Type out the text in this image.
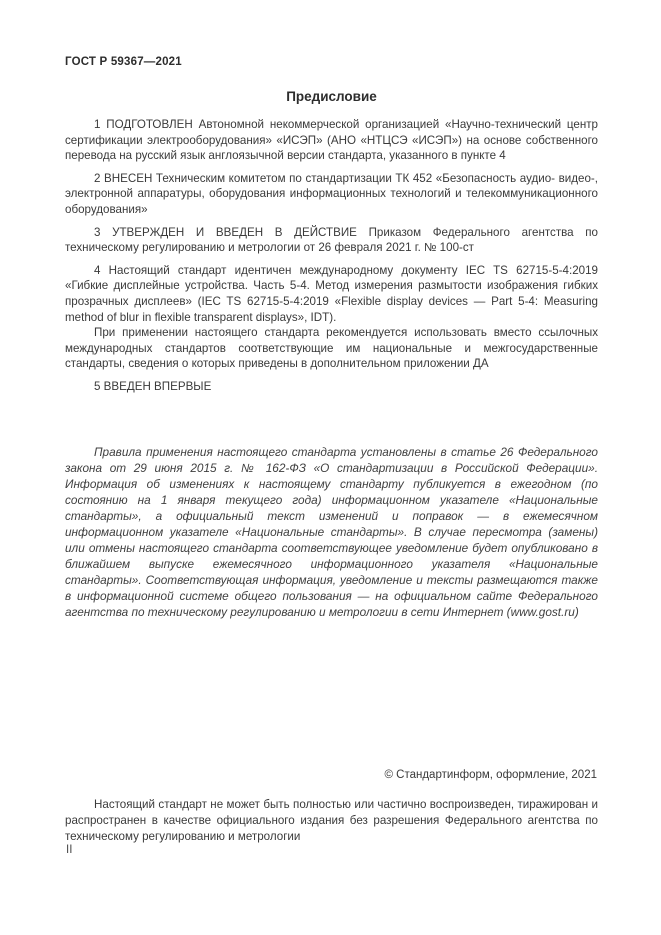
ГОСТ Р 59367—2021
Предисловие

1 ПОДГОТОВЛЕН Автономной некоммерческой организацией «Научно-технический центр сертификации электрооборудования» «ИСЭП» (АНО «НТЦСЭ «ИСЭП») на основе собственного перевода на русский язык англоязычной версии стандарта, указанного в пункте 4

2 ВНЕСЕН Техническим комитетом по стандартизации ТК 452 «Безопасность аудио- видео-, электронной аппаратуры, оборудования информационных технологий и телекоммуникационного оборудования»

3 УТВЕРЖДЕН И ВВЕДЕН В ДЕЙСТВИЕ Приказом Федерального агентства по техническому регулированию и метрологии от 26 февраля 2021 г. № 100-ст

4 Настоящий стандарт идентичен международному документу IEC TS 62715-5-4:2019 «Гибкие дисплейные устройства. Часть 5-4. Метод измерения размытости изображения гибких прозрачных дисплеев» (IEC TS 62715-5-4:2019 «Flexible display devices — Part 5-4: Measuring method of blur in flexible transparent displays», IDT).

При применении настоящего стандарта рекомендуется использовать вместо ссылочных международных стандартов соответствующие им национальные и межгосударственные стандарты, сведения о которых приведены в дополнительном приложении ДА

5 ВВЕДЕН ВПЕРВЫЕ

Правила применения настоящего стандарта установлены в статье 26 Федерального закона от 29 июня 2015 г. № 162-ФЗ «О стандартизации в Российской Федерации». Информация об изменениях к настоящему стандарту публикуется в ежегодном (по состоянию на 1 января текущего года) информационном указателе «Национальные стандарты», а официальный текст изменений и поправок — в ежемесячном информационном указателе «Национальные стандарты». В случае пересмотра (замены) или отмены настоящего стандарта соответствующее уведомление будет опубликовано в ближайшем выпуске ежемесячного информационного указателя «Национальные стандарты». Соответствующая информация, уведомление и тексты размещаются также в информационной системе общего пользования — на официальном сайте Федерального агентства по техническому регулированию и метрологии в сети Интернет (www.gost.ru)

© Стандартинформ, оформление, 2021

Настоящий стандарт не может быть полностью или частично воспроизведен, тиражирован и распространен в качестве официального издания без разрешения Федерального агентства по техническому регулированию и метрологии

II
